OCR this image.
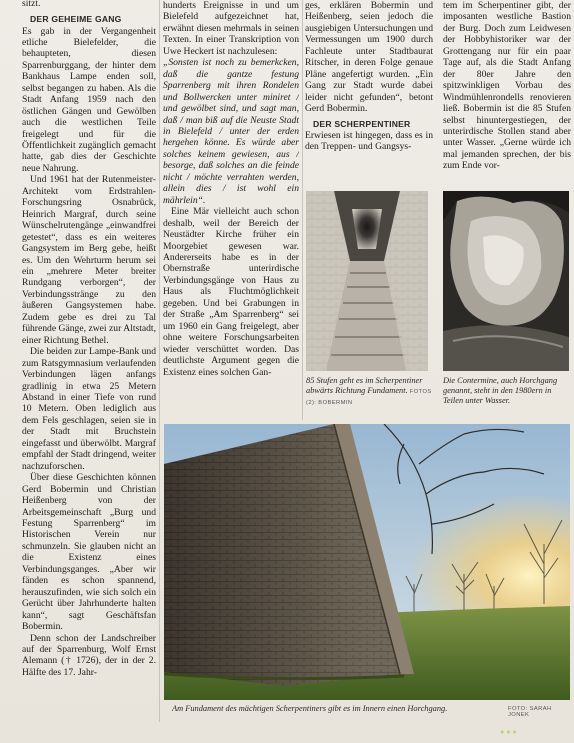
sitzt.

DER GEHEIME GANG

Es gab in der Vergangenheit etliche Bielefelder, die behaupteten, diesen Sparrenburggang, der hinter dem Bankhaus Lampe enden soll, selbst begangen zu haben. Als die Stadt Anfang 1959 nach den östlichen Gängen und Gewölben auch die westlichen Teile freigelegt und für die Öffentlichkeit zugänglich gemacht hatte, gab dies der Geschichte neue Nahrung.

Und 1961 hat der Rutenmeister-Architekt vom Erdstrahlen-Forschungsring Osnabrück, Heinrich Margraf, durch seine Wünschelrutengänge „einwandfrei getestet“, dass es ein weiteres Gangsystem im Berg gebe, heißt es. Um den Wehrturm herum sei ein „mehrere Meter breiter Rundgang verborgen“, der Verbindungsstränge zu den äußeren Gangsystemen habe. Zudem gebe es drei zu Tal führende Gänge, zwei zur Altstadt, einer Richtung Bethel.

Die beiden zur Lampe-Bank und zum Ratsgymnasium verlaufenden Verbindungen lägen anfangs gradlinig in etwa 25 Metern Abstand in einer Tiefe von rund 10 Metern. Oben lediglich aus dem Fels geschlagen, seien sie in der Stadt mit Bruchstein eingefasst und überwölbt. Margraf empfahl der Stadt dringend, weiter nachzuforschen.

Über diese Geschichten können Gerd Bobermin und Christian Heißenberg von der Arbeitsgemeinschaft „Burg und Festung Sparrenberg“ im Historischen Verein nur schmunzeln. Sie glauben nicht an die Existenz eines Verbindungsganges. „Aber wir fänden es schon spannend, herauszufinden, wie sich solch ein Gerücht über Jahrhunderte halten kann“, sagt Geschäftsfan Bobermin.

Denn schon der Landschreiber auf der Sparrenburg, Wolf Ernst Alemann († 1726), der in der 2. Hälfte des 17. Jahr-

hunderts Ereignisse in und um Bielefeld aufgezeichnet hat, erwähnt diesen mehrmals in seinen Texten. In einer Transkription von Uwe Heckert ist nachzulesen:

„Sonsten ist noch zu bemerkcken, daß die gantze festung Sparrenberg mit ihren Rondelen und Bollwercken unter miniret / und gewölbet sind, und sagt man, daß / man biß auf die Neuste Stadt in Bielefeld / unter der erden hergehen könne. Es würde aber solches keinem gewiesen, aus / besorge, daß solches an die feinde nicht / möchte verrahten werden, allein dies / ist wohl ein mährlein“.

Eine Mär vielleicht auch schon deshalb, weil der Bereich der Neustädter Kirche früher ein Moorgebiet gewesen war. Andererseits habe es in der Obernstraße unterirdische Verbindungsgänge von Haus zu Haus als Fluchtmöglichkeit gegeben. Und bei Grabungen in der Straße „Am Sparrenberg“ sei um 1960 ein Gang freigelegt, aber ohne weitere Forschungsarbeiten wieder verschüttet worden. Das deutlichste Argument gegen die Existenz eines solchen Gan-

ges, erklären Bobermin und Heißenberg, seien jedoch die ausgiebigen Untersuchungen und Vermessungen um 1900 durch Fachleute unter Stadtbaurat Ritscher, in deren Folge genaue Pläne angefertigt wurden. „Ein Gang zur Stadt wurde dabei leider nicht gefunden“, betont Gerd Bobermin.

DER SCHERPENTINER

Erwiesen ist hingegen, dass es in den Treppen- und Gangsys-

tem im Scherpentiner gibt, der imposanten westliche Bastion der Burg. Doch zum Leidwesen der Hobbyhistoriker war der Grottengang nur für ein paar Tage auf, als die Stadt Anfang der 80er Jahre den spitzwinkligen Vorbau des Windmühlenrondells renovieren ließ. Bobermin ist die 85 Stufen selbst hinuntergestiegen, der unterirdische Stollen stand aber unter Wasser. „Gerne würde ich mal jemanden sprechen, der bis zum Ende vor-

85 Stufen geht es im Scherpentiner abwärts Richtung Fundament. FOTOS (2): BOBERMIN
Die Contermine, auch Horchgang genannt, steht in den 1980ern in Teilen unter Wasser.
Am Fundament des mächtigen Scherpentiners gibt es im Innern einen Horchgang.	FOTO: SARAH JONEK
●●●
